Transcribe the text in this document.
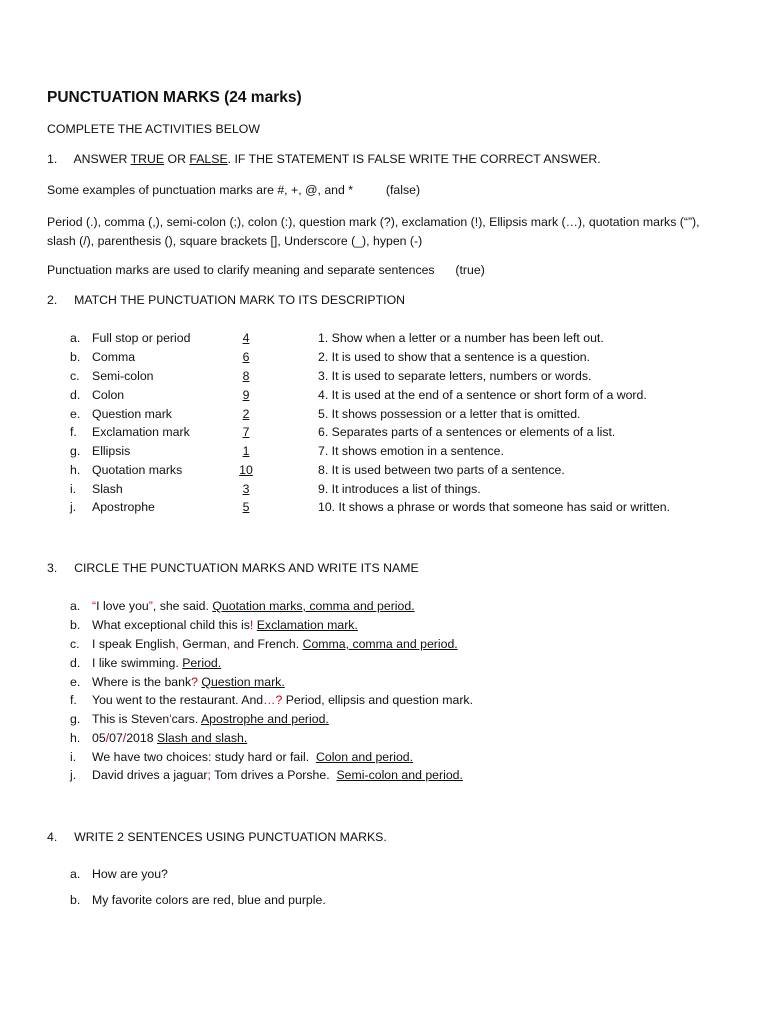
PUNCTUATION MARKS (24 marks)
COMPLETE THE ACTIVITIES BELOW
1. ANSWER TRUE OR FALSE. IF THE STATEMENT IS FALSE WRITE THE CORRECT ANSWER.
Some examples of punctuation marks are #, +, @, and *	(false)
Period (.), comma (,), semi-colon (;), colon (:), question mark (?), exclamation (!), Ellipsis mark (…), quotation marks (“”), slash (/), parenthesis (), square brackets [], Underscore (_), hypen (-)
Punctuation marks are used to clarify meaning and separate sentences (true)
2. MATCH THE PUNCTUATION MARK TO ITS DESCRIPTION
a. Full stop or period	4	1. Show when a letter or a number has been left out.
b. Comma	6	2. It is used to show that a sentence is a question.
c. Semi-colon	8	3. It is used to separate letters, numbers or words.
d. Colon	9	4. It is used at the end of a sentence or short form of a word.
e. Question mark	2	5. It shows possession or a letter that is omitted.
f. Exclamation mark	7	6. Separates parts of a sentences or elements of a list.
g. Ellipsis	1	7. It shows emotion in a sentence.
h. Quotation marks	10	8. It is used between two parts of a sentence.
i. Slash	3	9. It introduces a list of things.
j. Apostrophe	5	10. It shows a phrase or words that someone has said or written.
3. CIRCLE THE PUNCTUATION MARKS AND WRITE ITS NAME
a. “I love you”, she said. Quotation marks, comma and period.
b. What exceptional child this is! Exclamation mark.
c. I speak English, German, and French. Comma, comma and period.
d. I like swimming. Period.
e. Where is the bank? Question mark.
f. You went to the restaurant. And…? Period, ellipsis and question mark.
g. This is Steven'cars. Apostrophe and period.
h. 05/07/2018 Slash and slash.
i. We have two choices: study hard or fail.  Colon and period.
j. David drives a jaguar; Tom drives a Porshe.  Semi-colon and period.
4. WRITE 2 SENTENCES USING PUNCTUATION MARKS.
a. How are you?
b. My favorite colors are red, blue and purple.
